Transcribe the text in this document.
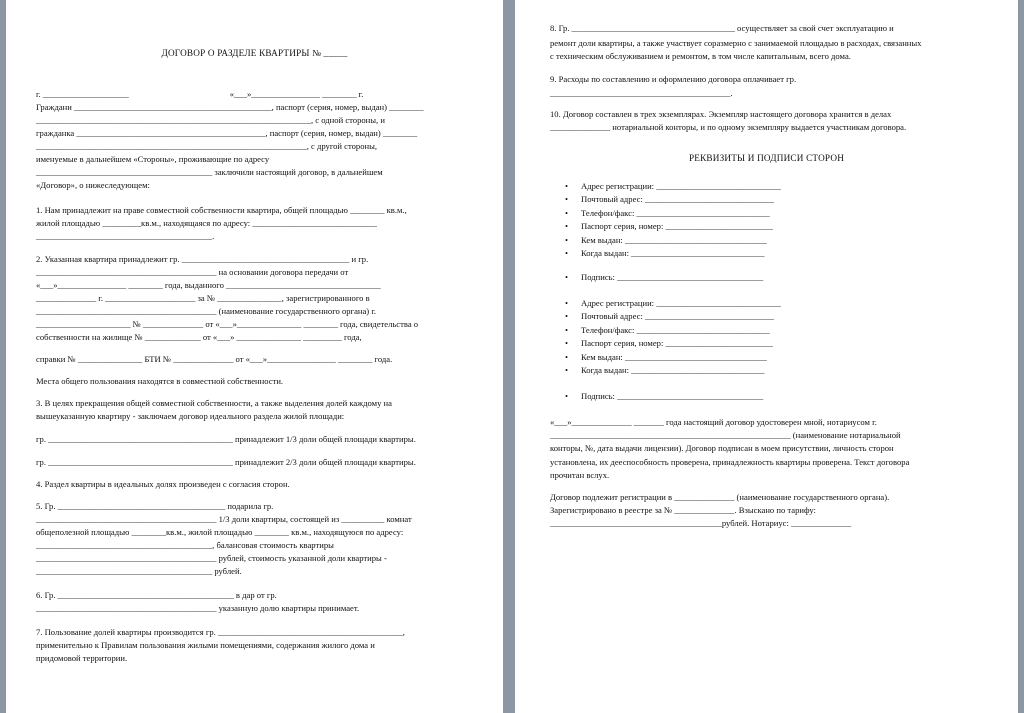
ДОГОВОР О РАЗДЕЛЕ КВАРТИРЫ № _____
г. ____________________                                               «___»________________ ________ г.
Граждани ______________________________________________, паспорт (серия, номер, выдан) ________
________________________________________________________________, с одной стороны, и
гражданка ____________________________________________, паспорт (серия, номер, выдан) ________
_______________________________________________________________, с другой стороны,
именуемые в дальнейшем «Стороны», проживающие по адресу
_________________________________________ заключили настоящий договор, в дальнейшем
«Договор», о нижеследующем:
1. Нам принадлежит на праве совместной собственности квартира, общей площадью ________ кв.м.,
жилой площадью _________кв.м., находящаяся по адресу: _____________________________
_________________________________________.
2. Указанная квартира принадлежит гр. _______________________________________ и гр.
__________________________________________ на основании договора передачи от
«___»________________ ________ года, выданного ____________________________________
______________ г. _____________________ за № _______________, зарегистрированного в
__________________________________________ (наименование государственного органа) г.
______________________ № ______________ от «___»_______________ ________ года, свидетельства о
собственности на жилище № _____________ от «___» _______________ _________ года,
справки № _______________ БТИ № ______________ от «___»________________ ________ года.
Места общего пользования находятся в совместной собственности.
3. В целях прекращения общей совместной собственности, а также выделения долей каждому на
вышеуказанную квартиру - заключаем договор идеального раздела жилой площади:
гр. ___________________________________________ принадлежит 1/3 доли общей площади квартиры.
гр. ___________________________________________ принадлежит 2/3 доли общей площади квартиры.
4. Раздел квартиры в идеальных долях произведен с согласия сторон.
5. Гр. _______________________________________ подарила гр.
__________________________________________ 1/3 доли квартиры, состоящей из __________ комнат
общеполезной площадью ________кв.м., жилой площадью ________ кв.м., находящуюся по адресу:
_________________________________________, балансовая стоимость квартиры
__________________________________________ рублей, стоимость указанной доли квартиры -
_________________________________________ рублей.
6. Гр. _________________________________________ в дар от гр.
__________________________________________ указанную долю квартиры принимает.
7. Пользование долей квартиры производится гр. ___________________________________________,
применительно к Правилам пользования жилыми помещениями, содержания жилого дома и
придомовой территории.
8. Гр. ______________________________________ осуществляет за свой счет эксплуатацию и
ремонт доли квартиры, а также участвует соразмерно с занимаемой площадью в расходах, связанных
с техническим обслуживанием и ремонтом, в том числе капитальным, всего дома.
9. Расходы по составлению и оформлению договора оплачивает гр.
__________________________________________.
10. Договор составлен в трех экземплярах. Экземпляр настоящего договора хранится в делах
______________ нотариальной конторы, и по одному экземпляру выдается участникам договора.
РЕКВИЗИТЫ И ПОДПИСИ СТОРОН
• Адрес регистрации: _____________________________
• Почтовый адрес: ______________________________
• Телефон/факс: _______________________________
• Паспорт серия, номер: _________________________
• Кем выдан: _________________________________
• Когда выдан: _______________________________
• Подпись: __________________________________
• Адрес регистрации: _____________________________
• Почтовый адрес: ______________________________
• Телефон/факс: _______________________________
• Паспорт серия, номер: _________________________
• Кем выдан: _________________________________
• Когда выдан: _______________________________
• Подпись: __________________________________
«___»______________ _______ года настоящий договор удостоверен мной, нотариусом г.
________________________________________________________ (наименование нотариальной
конторы, №, дата выдачи лицензии). Договор подписан в моем присутствии, личность сторон
установлена, их дееспособность проверена, принадлежность квартиры проверена. Текст договора
прочитан вслух.
Договор подлежит регистрации в ______________ (наименование государственного органа).
Зарегистрировано в реестре за № ______________. Взыскано по тарифу:
________________________________________рублей. Нотариус: ______________
